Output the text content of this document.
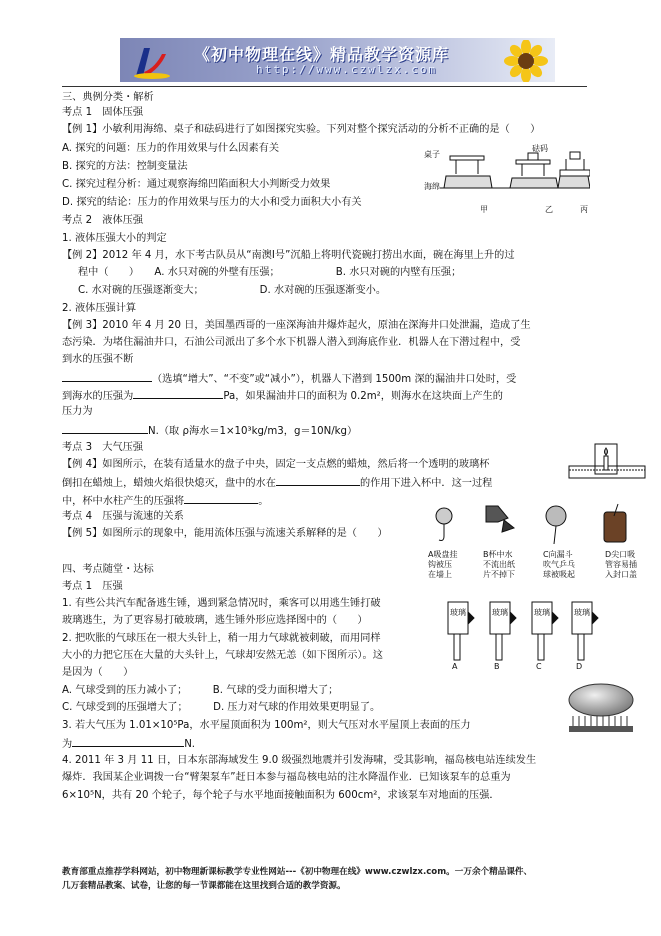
《初中物理在线》精品教学资源库
http://www.czwlzx.com
三、典例分类・解析
考点 1　固体压强
【例 1】小敏利用海绵、桌子和砝码进行了如图探究实验。下列对整个探究活动的分析不正确的是（　　）
A. 探究的问题：压力的作用效果与什么因素有关
B. 探究的方法：控制变量法
C. 探究过程分析：通过观察海绵凹陷面积大小判断受力效果
D. 探究的结论：压力的作用效果与压力的大小和受力面积大小有关
桌子
砝码
海绵
甲	乙	丙
考点 2　液体压强
1. 液体压强大小的判定
【例 2】2012 年 4 月，水下考古队员从“南澳Ⅰ号”沉船上将明代瓷碗打捞出水面，碗在海里上升的过
程中（　　）　　A. 水只对碗的外壁有压强；　　　　　　B. 水只对碗的内壁有压强；
C. 水对碗的压强逐渐变大；　　　　　　D. 水对碗的压强逐渐变小。
2. 液体压强计算
【例 3】2010 年 4 月 20 日，美国墨西哥的一座深海油井爆炸起火，原油在深海井口处泄漏，造成了生
态污染．为堵住漏油井口，石油公司派出了多个水下机器人潜入到海底作业．机器人在下潜过程中，受
到水的压强不断
（选填“增大”、“不变”或“减小”），机器人下潜到 1500m 深的漏油井口处时，受
到海水的压强为	Pa，如果漏油井口的面积为 0.2m²，则海水在这块面上产生的
压力为
N.（取 ρ海水＝1×10³kg/m3，g＝10N/kg）
考点 3　大气压强
【例 4】如图所示，在装有适量水的盘子中央，固定一支点燃的蜡烛，然后将一个透明的玻璃杯
倒扣在蜡烛上，蜡烛火焰很快熄灭，盘中的水在	的作用下进入杯中．这一过程
中，杯中水柱产生的压强将	。
考点 4　压强与流速的关系
【例 5】如图所示的现象中，能用流体压强与流速关系解释的是（　　）
A吸盘挂
钩被压
在墙上
B杯中水
不流出纸
片不掉下
C向漏斗
吹气乒乓
球被吸起
D尖口吸
管容易插
入封口盖
四、考点随堂・达标
考点 1　压强
1. 有些公共汽车配备逃生锤，遇到紧急情况时，乘客可以用逃生锤打破
玻璃逃生，为了更容易打破玻璃，逃生锤外形应选择图中的（　　）
2. 把吹胀的气球压在一根大头针上，稍一用力气球就被刺破，而用同样
大小的力把它压在大量的大头针上，气球却安然无恙（如下图所示）。这
是因为（　　）
A. 气球受到的压力减小了；　　　B. 气球的受力面积增大了；
C. 气球受到的压强增大了；　　　D. 压力对气球的作用效果更明显了。
3. 若大气压为 1.01×10⁵Pa，水平屋顶面积为 100m²，则大气压对水平屋顶上表面的压力
为	N.
4. 2011 年 3 月 11 日，日本东部海域发生 9.0 级强烈地震并引发海啸，受其影响，福岛核电站连续发生
爆炸．我国某企业调拨一台“臂架泵车”赶日本参与福岛核电站的注水降温作业．已知该泵车的总重为
6×10⁵N，共有 20 个轮子，每个轮子与水平地面接触面积为 600cm²，求该泵车对地面的压强．
玻璃	玻璃	玻璃	玻璃
A	B	C	D
教育部重点推荐学科网站，初中物理新课标教学专业性网站---《初中物理在线》www.czwlzx.com。一万余个精品课件、
几万套精品教案、试卷，让您的每一节课都能在这里找到合适的教学资源。
